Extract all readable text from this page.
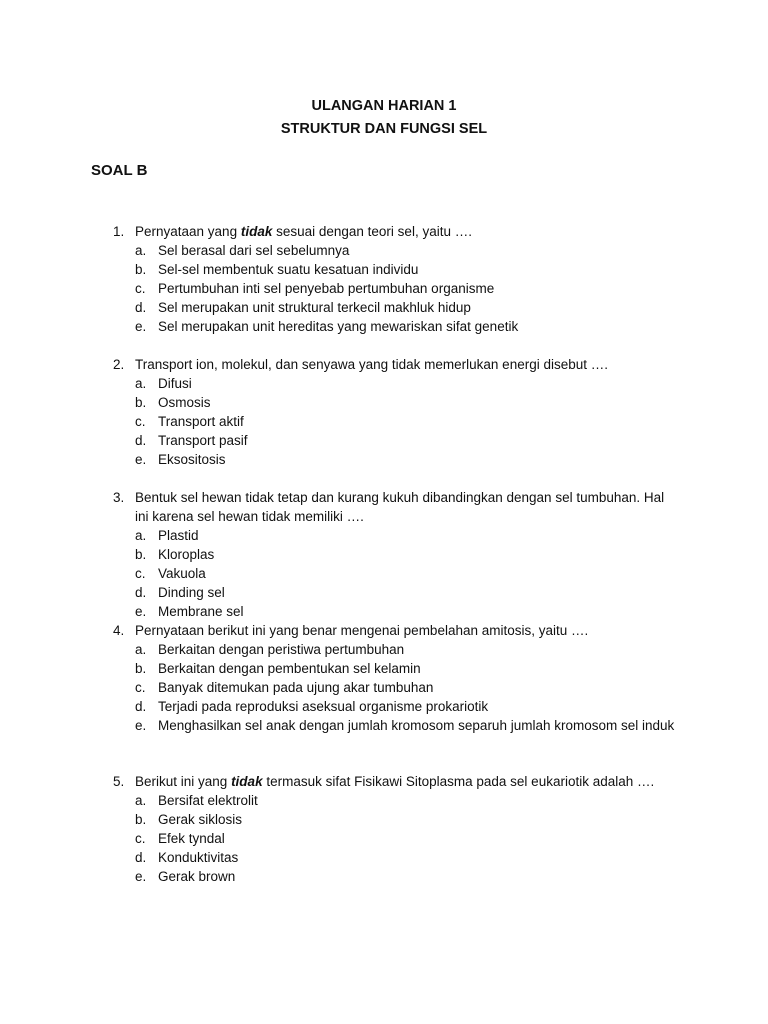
ULANGAN HARIAN 1
STRUKTUR DAN FUNGSI SEL
SOAL B
1. Pernyataan yang tidak sesuai dengan teori sel, yaitu ….
a. Sel berasal dari sel sebelumnya
b. Sel-sel membentuk suatu kesatuan individu
c. Pertumbuhan inti sel penyebab pertumbuhan organisme
d. Sel merupakan unit struktural terkecil makhluk hidup
e. Sel merupakan unit hereditas yang mewariskan sifat genetik
2. Transport ion, molekul, dan senyawa yang tidak memerlukan energi disebut ….
a. Difusi
b. Osmosis
c. Transport aktif
d. Transport pasif
e. Eksositosis
3. Bentuk sel hewan tidak tetap dan kurang kukuh dibandingkan dengan sel tumbuhan. Hal
ini karena sel hewan tidak memiliki ….
a. Plastid
b. Kloroplas
c. Vakuola
d. Dinding sel
e. Membrane sel
4. Pernyataan berikut ini yang benar mengenai pembelahan amitosis, yaitu ….
a. Berkaitan dengan peristiwa pertumbuhan
b. Berkaitan dengan pembentukan sel kelamin
c. Banyak ditemukan pada ujung akar tumbuhan
d. Terjadi pada reproduksi aseksual organisme prokariotik
e. Menghasilkan sel anak dengan jumlah kromosom separuh jumlah kromosom sel induk
5. Berikut ini yang tidak termasuk sifat Fisikawi Sitoplasma pada sel eukariotik adalah ….
a. Bersifat elektrolit
b. Gerak siklosis
c. Efek tyndal
d. Konduktivitas
e. Gerak brown
